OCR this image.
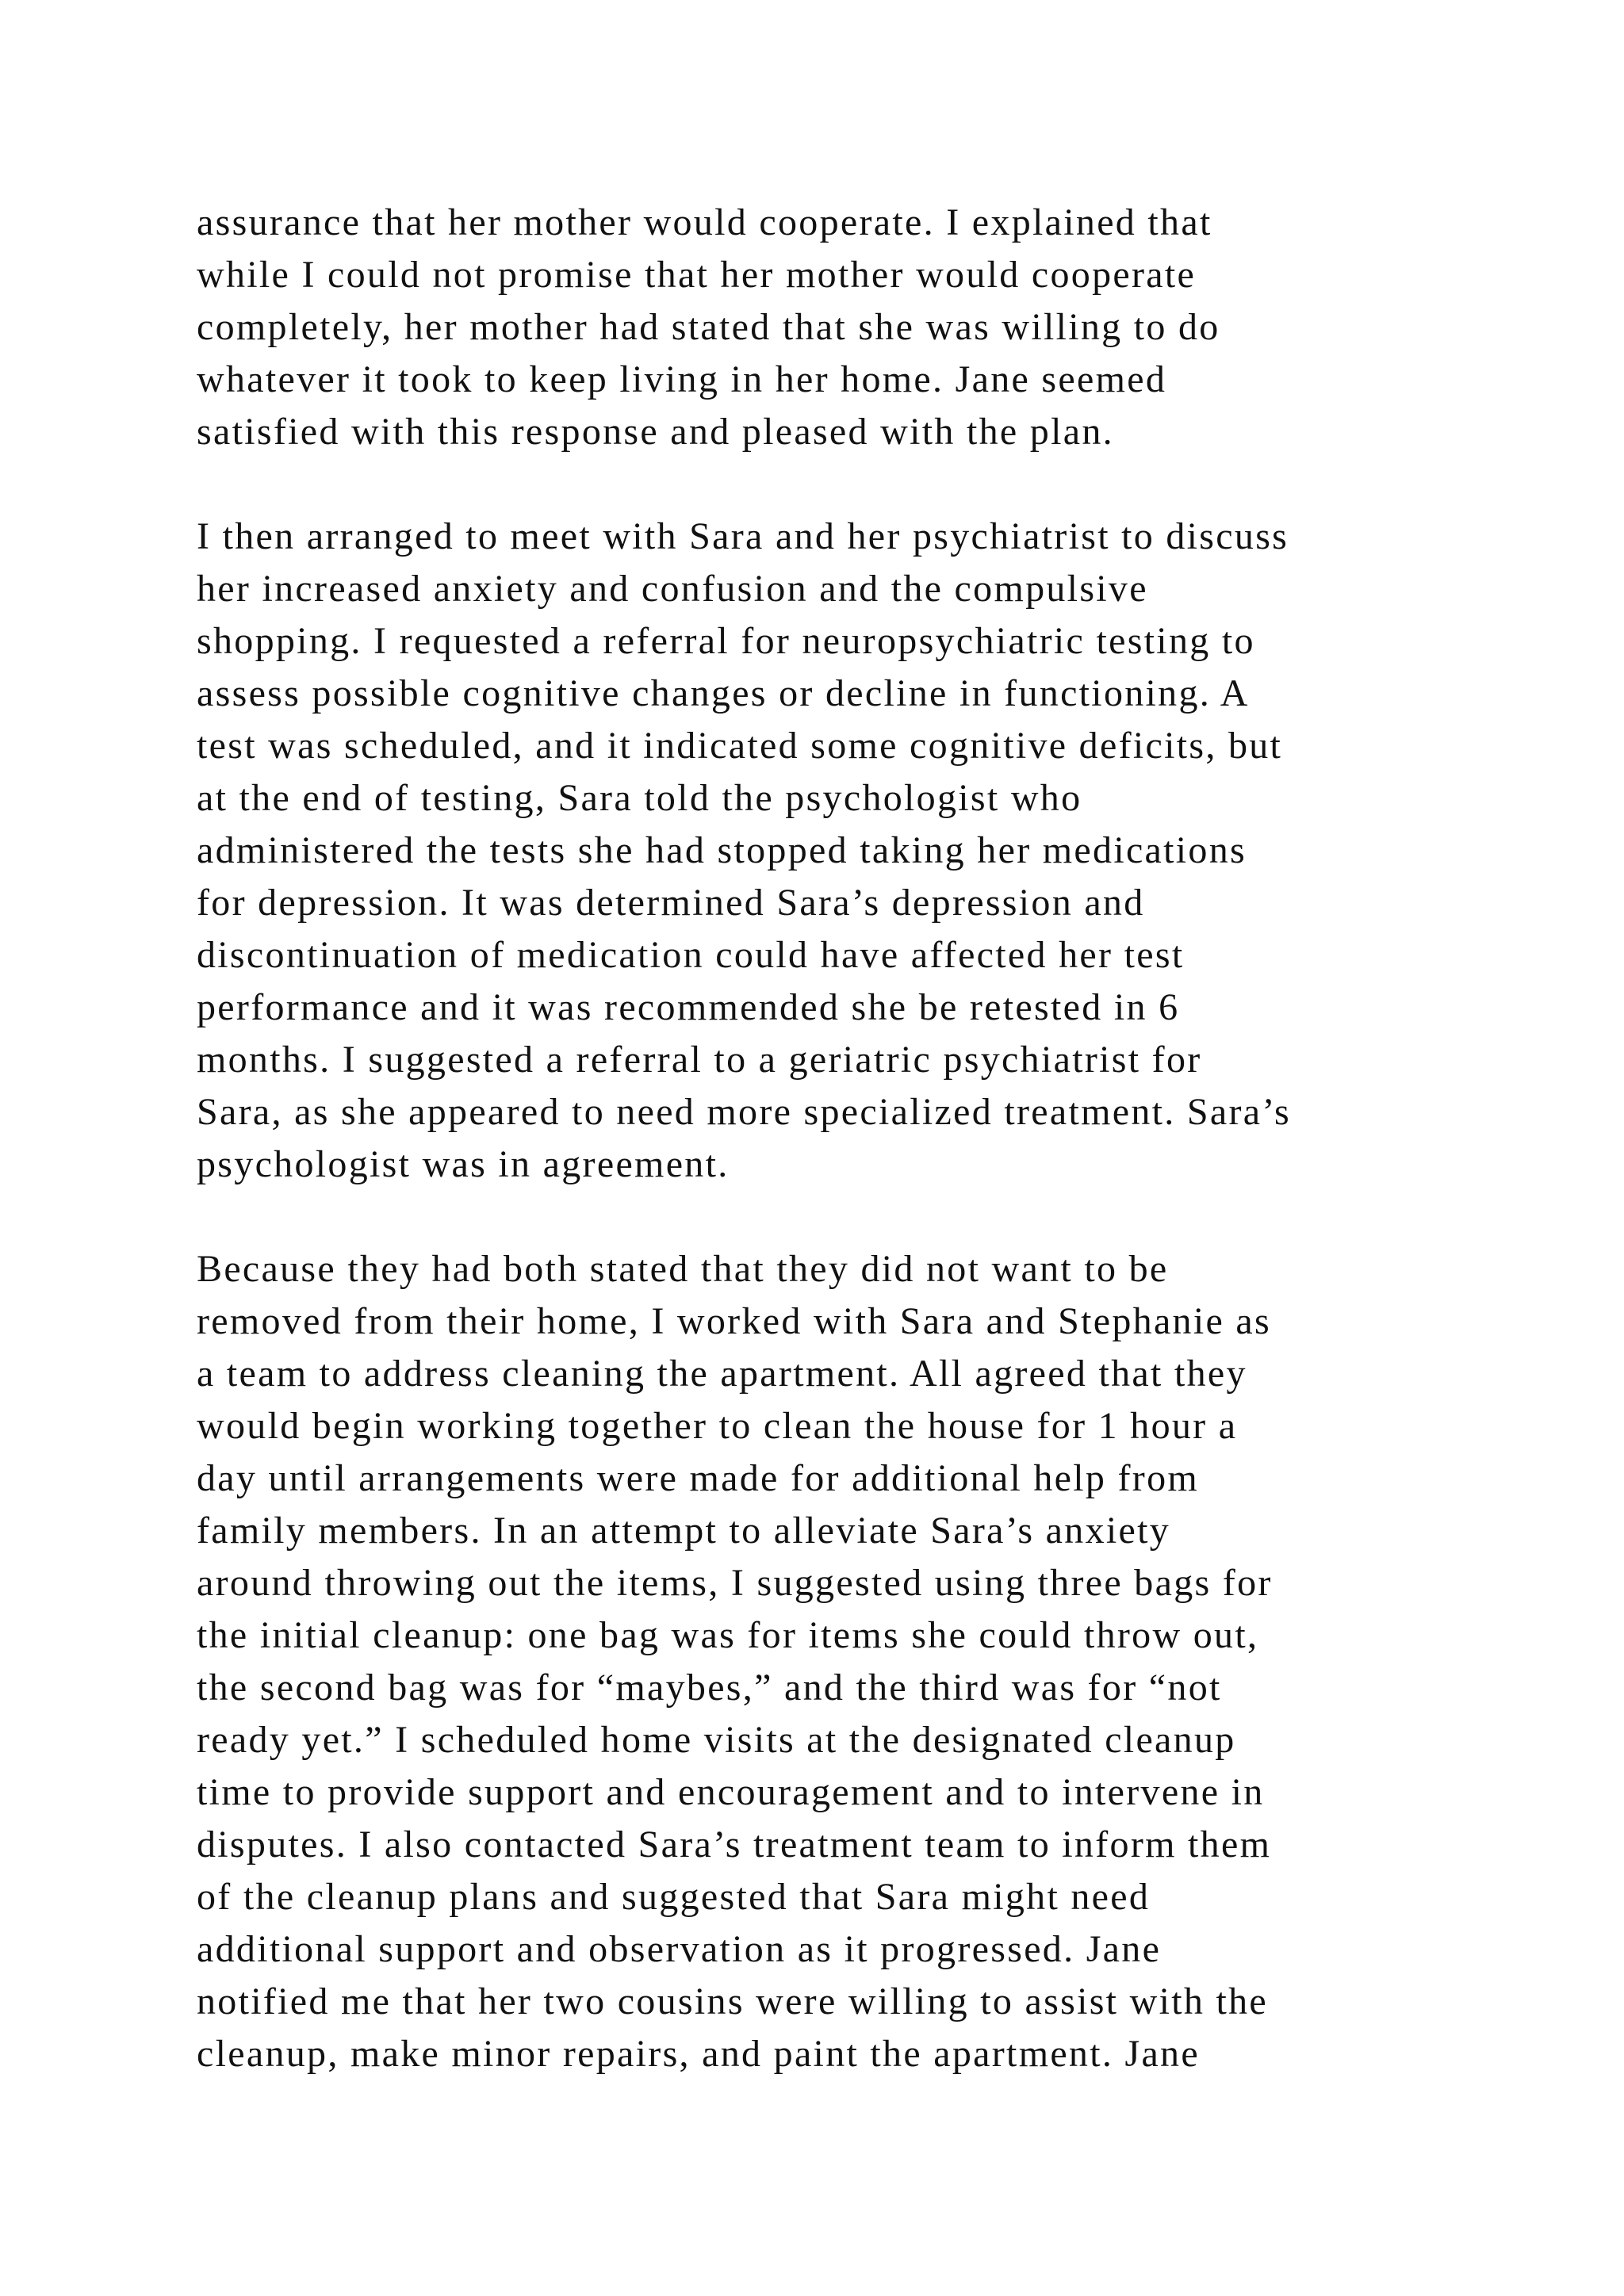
assurance that her mother would cooperate. I explained that
while I could not promise that her mother would cooperate
completely, her mother had stated that she was willing to do
whatever it took to keep living in her home. Jane seemed
satisfied with this response and pleased with the plan.
I then arranged to meet with Sara and her psychiatrist to discuss
her increased anxiety and confusion and the compulsive
shopping. I requested a referral for neuropsychiatric testing to
assess possible cognitive changes or decline in functioning. A
test was scheduled, and it indicated some cognitive deficits, but
at the end of testing, Sara told the psychologist who
administered the tests she had stopped taking her medications
for depression. It was determined Sara’s depression and
discontinuation of medication could have affected her test
performance and it was recommended she be retested in 6
months. I suggested a referral to a geriatric psychiatrist for
Sara, as she appeared to need more specialized treatment. Sara’s
psychologist was in agreement.
Because they had both stated that they did not want to be
removed from their home, I worked with Sara and Stephanie as
a team to address cleaning the apartment. All agreed that they
would begin working together to clean the house for 1 hour a
day until arrangements were made for additional help from
family members. In an attempt to alleviate Sara’s anxiety
around throwing out the items, I suggested using three bags for
the initial cleanup: one bag was for items she could throw out,
the second bag was for “maybes,” and the third was for “not
ready yet.” I scheduled home visits at the designated cleanup
time to provide support and encouragement and to intervene in
disputes. I also contacted Sara’s treatment team to inform them
of the cleanup plans and suggested that Sara might need
additional support and observation as it progressed. Jane
notified me that her two cousins were willing to assist with the
cleanup, make minor repairs, and paint the apartment. Jane
